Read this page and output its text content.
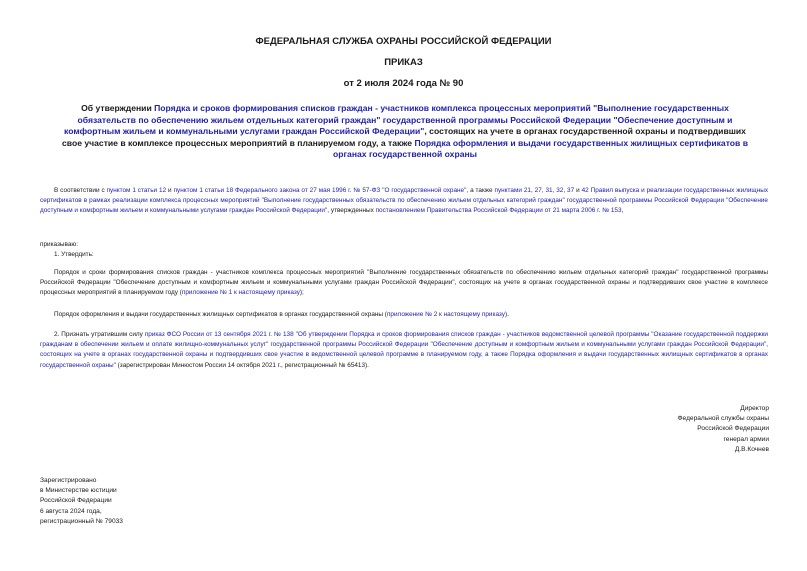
ФЕДЕРАЛЬНАЯ СЛУЖБА ОХРАНЫ РОССИЙСКОЙ ФЕДЕРАЦИИ
ПРИКАЗ
от 2 июля 2024 года № 90
Об утверждении Порядка и сроков формирования списков граждан - участников комплекса процессных мероприятий "Выполнение государственных обязательств по обеспечению жильем отдельных категорий граждан" государственной программы Российской Федерации "Обеспечение доступным и комфортным жильем и коммунальными услугами граждан Российской Федерации", состоящих на учете в органах государственной охраны и подтвердивших свое участие в комплексе процессных мероприятий в планируемом году, а также Порядка оформления и выдачи государственных жилищных сертификатов в органах государственной охраны
В соответствии с пунктом 1 статьи 12 и пунктом 1 статьи 18 Федерального закона от 27 мая 1996 г. № 57-ФЗ "О государственной охране", а также пунктами 21, 27, 31, 32, 37 и 42 Правил выпуска и реализации государственных жилищных сертификатов в рамках реализации комплекса процессных мероприятий "Выполнение государственных обязательств по обеспечению жильем отдельных категорий граждан" государственной программы Российской Федерации "Обеспечение доступным и комфортным жильем и коммунальными услугами граждан Российской Федерации", утвержденных постановлением Правительства Российской Федерации от 21 марта 2006 г. № 153,
приказываю:
1. Утвердить:
Порядок и сроки формирования списков граждан - участников комплекса процессных мероприятий "Выполнение государственных обязательств по обеспечению жильем отдельных категорий граждан" государственной программы Российской Федерации "Обеспечение доступным и комфортным жильем и коммунальными услугами граждан Российской Федерации", состоящих на учете в органах государственной охраны и подтвердивших свое участие в комплексе процессных мероприятий в планируемом году (приложение № 1 к настоящему приказу);
Порядок оформления и выдачи государственных жилищных сертификатов в органах государственной охраны (приложение № 2 к настоящему приказу).
2. Признать утратившим силу приказ ФСО России от 13 сентября 2021 г. № 138 "Об утверждении Порядка и сроков формирования списков граждан - участников ведомственной целевой программы "Оказание государственной поддержки гражданам в обеспечении жильем и оплате жилищно-коммунальных услуг" государственной программы Российской Федерации "Обеспечение доступным и комфортным жильем и коммунальными услугами граждан Российской Федерации", состоящих на учете в органах государственной охраны и подтвердивших свое участие в ведомственной целевой программе в планируемом году, а также Порядка оформления и выдачи государственных жилищных сертификатов в органах государственной охраны" (зарегистрирован Минюстом России 14 октября 2021 г., регистрационный № 65413).
Директор
Федеральной службы охраны
Российской Федерации
генерал армии
Д.В.Кочнев
Зарегистрировано
в Министерстве юстиции
Российской Федерации
6 августа 2024 года,
регистрационный № 79033
